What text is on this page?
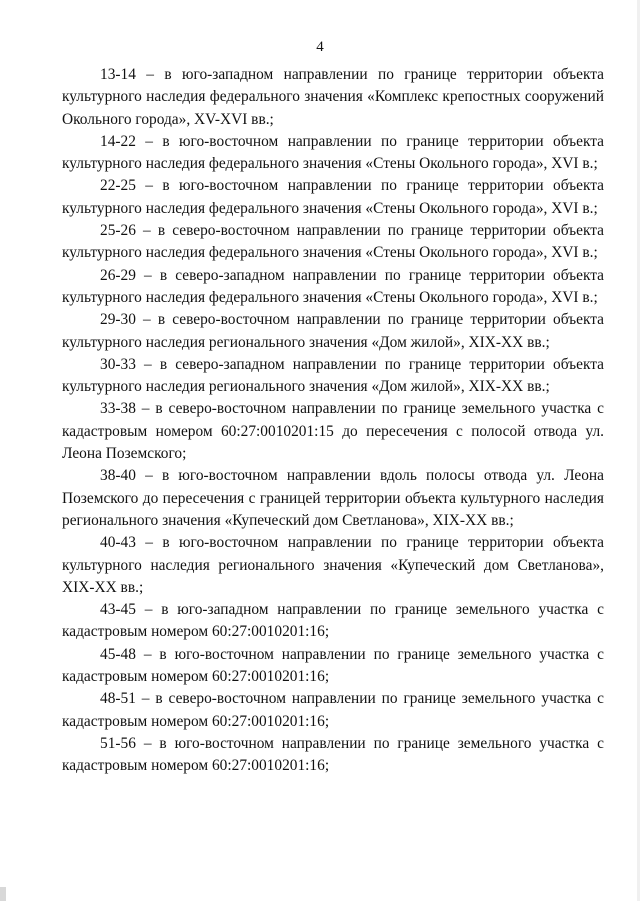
4

13-14 – в юго-западном направлении по границе территории объекта культурного наследия федерального значения «Комплекс крепостных сооружений Окольного города», XV-XVI вв.;

14-22 – в юго-восточном направлении по границе территории объекта культурного наследия федерального значения «Стены Окольного города», XVI в.;

22-25 – в юго-восточном направлении по границе территории объекта культурного наследия федерального значения «Стены Окольного города», XVI в.;

25-26 – в северо-восточном направлении по границе территории объекта культурного наследия федерального значения «Стены Окольного города», XVI в.;

26-29 – в северо-западном направлении по границе территории объекта культурного наследия федерального значения «Стены Окольного города», XVI в.;

29-30 – в северо-восточном направлении по границе территории объекта культурного наследия регионального значения «Дом жилой», XIX-XX вв.;

30-33 – в северо-западном направлении по границе территории объекта культурного наследия регионального значения «Дом жилой», XIX-XX вв.;

33-38 – в северо-восточном направлении по границе земельного участка с кадастровым номером 60:27:0010201:15 до пересечения с полосой отвода ул. Леона Поземского;

38-40 – в юго-восточном направлении вдоль полосы отвода ул. Леона Поземского до пересечения с границей территории объекта культурного наследия регионального значения «Купеческий дом Светланова», XIX-XX вв.;

40-43 – в юго-восточном направлении по границе территории объекта культурного наследия регионального значения «Купеческий дом Светланова», XIX-XX вв.;

43-45 – в юго-западном направлении по границе земельного участка с кадастровым номером 60:27:0010201:16;

45-48 – в юго-восточном направлении по границе земельного участка с кадастровым номером 60:27:0010201:16;

48-51 – в северо-восточном направлении по границе земельного участка с кадастровым номером 60:27:0010201:16;

51-56 – в юго-восточном направлении по границе земельного участка с кадастровым номером 60:27:0010201:16;
